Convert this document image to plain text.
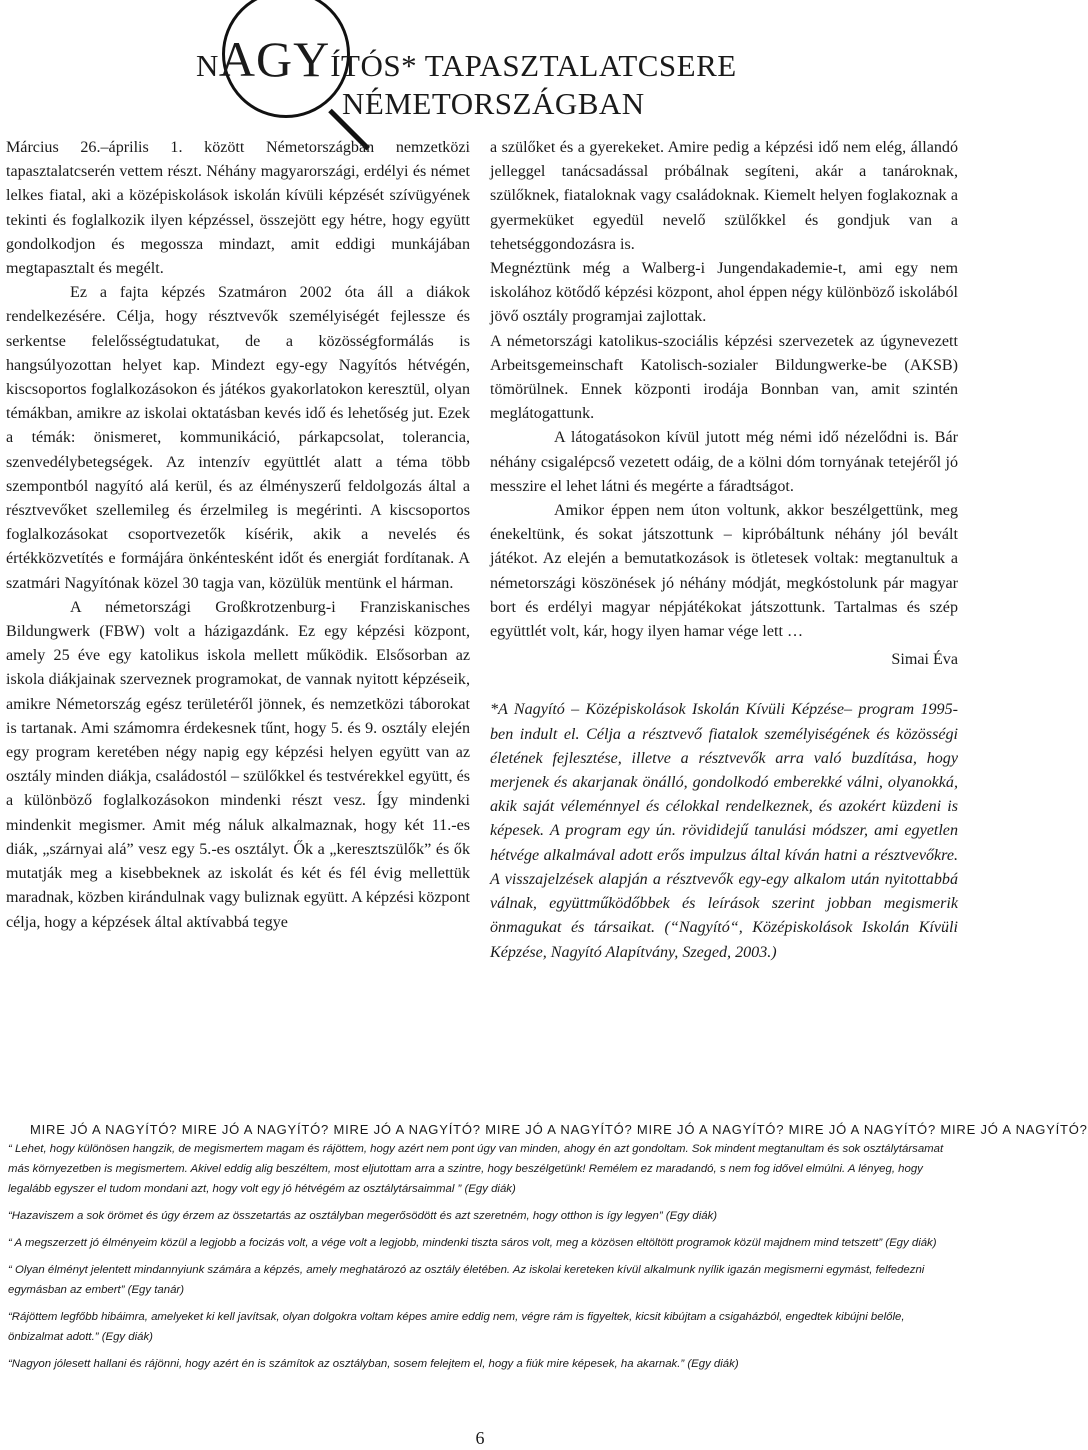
NAGYÍTÓS* TAPASZTALATCSERE
NÉMETORSZÁGBAN

Március 26.–április 1. között Németországban nemzetközi tapasztalatcserén vettem részt. Néhány magyarországi, erdélyi és német lelkes fiatal, aki a középiskolások iskolán kívüli képzését szívügyének tekinti és foglalkozik ilyen képzéssel, összejött egy hétre, hogy együtt gondolkodjon és megossza mindazt, amit eddigi munkájában megtapasztalt és megélt.

Ez a fajta képzés Szatmáron 2002 óta áll a diákok rendelkezésére. Célja, hogy résztvevők személyiségét fejlessze és serkentse felelősségtudatukat, de a közösségformálás is hangsúlyozottan helyet kap. Mindezt egy-egy Nagyítós hétvégén, kiscsoportos foglalkozásokon és játékos gyakorlatokon keresztül, olyan témákban, amikre az iskolai oktatásban kevés idő és lehetőség jut. Ezek a témák: önismeret, kommunikáció, párkapcsolat, tolerancia, szenvedélybetegségek. Az intenzív együttlét alatt a téma több szempontból nagyító alá kerül, és az élményszerű feldolgozás által a résztvevőket szellemileg és érzelmileg is megérinti. A kiscsoportos foglalkozásokat csoportvezetők kísérik, akik a nevelés és értékközvetítés e formájára önkéntesként időt és energiát fordítanak. A szatmári Nagyítónak közel 30 tagja van, közülük mentünk el hárman.

A németországi Großkrotzenburg-i Franziskanisches Bildungwerk (FBW) volt a házigazdánk. Ez egy képzési központ, amely 25 éve egy katolikus iskola mellett működik. Elsősorban az iskola diákjainak szerveznek programokat, de vannak nyitott képzéseik, amikre Németország egész területéről jönnek, és nemzetközi táborokat is tartanak. Ami számomra érdekesnek tűnt, hogy 5. és 9. osztály elején egy program keretében négy napig egy képzési helyen együtt van az osztály minden diákja, családostól – szülőkkel és testvérekkel együtt, és a különböző foglalkozásokon mindenki részt vesz. Így mindenki mindenkit megismer. Amit még náluk alkalmaznak, hogy két 11.-es diák, „szárnyai alá” vesz egy 5.-es osztályt. Ők a „keresztszülők” és ők mutatják meg a kisebbeknek az iskolát és két és fél évig mellettük maradnak, közben kirándulnak vagy buliznak együtt. A képzési központ célja, hogy a képzések által aktívabbá tegye

a szülőket és a gyerekeket. Amire pedig a képzési idő nem elég, állandó jelleggel tanácsadással próbálnak segíteni, akár a tanároknak, szülőknek, fiataloknak vagy családoknak. Kiemelt helyen foglakoznak a gyermeküket egyedül nevelő szülőkkel és gondjuk van a tehetséggondozásra is.

Megnéztünk még a Walberg-i Jungendakademie-t, ami egy nem iskolához kötődő képzési központ, ahol éppen négy különböző iskolából jövő osztály programjai zajlottak.

A németországi katolikus-szociális képzési szervezetek az úgynevezett Arbeitsgemeinschaft Katolisch-sozialer Bildungwerke-be (AKSB) tömörülnek. Ennek központi irodája Bonnban van, amit szintén meglátogattunk.

A látogatásokon kívül jutott még némi idő nézelődni is. Bár néhány csigalépcső vezetett odáig, de a kölni dóm tornyának tetejéről jó messzire el lehet látni és megérte a fáradtságot.

Amikor éppen nem úton voltunk, akkor beszélgettünk, meg énekeltünk, és sokat játszottunk – kipróbáltunk néhány jól bevált játékot. Az elején a bemutatkozások is ötletesek voltak: megtanultuk a németországi köszönések jó néhány módját, megkóstolunk pár magyar bort és erdélyi magyar népjátékokat játszottunk. Tartalmas és szép együttlét volt, kár, hogy ilyen hamar vége lett …

Simai Éva

*A Nagyító – Középiskolások Iskolán Kívüli Képzése– program 1995-ben indult el. Célja a résztvevő fiatalok személyiségének és közösségi életének fejlesztése, illetve a résztvevők arra való buzdítása, hogy merjenek és akarjanak önálló, gondolkodó emberekké válni, olyanokká, akik saját véleménnyel és célokkal rendelkeznek, és azokért küzdeni is képesek. A program egy ún. rövididejű tanulási módszer, ami egyetlen hétvége alkalmával adott erős impulzus által kíván hatni a résztvevőkre. A visszajelzések alapján a résztvevők egy-egy alkalom után nyitottabbá válnak, együttműködőbbek és leírások szerint jobban megismerik önmagukat és társaikat. (“Nagyító“, Középiskolások Iskolán Kívüli Képzése, Nagyító Alapítvány, Szeged, 2003.)

MIRE JÓ A NAGYÍTÓ? MIRE JÓ A NAGYÍTÓ? MIRE JÓ A NAGYÍTÓ? MIRE JÓ A NAGYÍTÓ? MIRE JÓ A NAGYÍTÓ? MIRE JÓ A NAGYÍTÓ? MIRE JÓ A NAGYÍTÓ?

“ Lehet, hogy különösen hangzik, de megismertem magam és rájöttem, hogy azért nem pont úgy van minden, ahogy én azt gondoltam. Sok mindent megtanultam és sok osztálytársamat más környezetben is megismertem. Akivel eddig alig beszéltem, most eljutottam arra a szintre, hogy beszélgetünk! Remélem ez maradandó, s nem fog idővel elmúlni. A lényeg, hogy legalább egyszer el tudom mondani azt, hogy volt egy jó hétvégém az osztálytársaimmal ” (Egy diák)

“Hazaviszem a sok örömet és úgy érzem az összetartás az osztályban megerősödött és azt szeretném, hogy otthon is így legyen” (Egy diák)

“ A megszerzett jó élményeim közül a legjobb a focizás volt, a vége volt a legjobb, mindenki tiszta sáros volt, meg a közösen eltöltött programok közül majdnem mind tetszett” (Egy diák)

“ Olyan élményt jelentett mindannyiunk számára a képzés, amely meghatározó az osztály életében. Az iskolai kereteken kívül alkalmunk nyílik igazán megismerni egymást, felfedezni egymásban az embert” (Egy tanár)

“Rájöttem legfőbb hibáimra, amelyeket ki kell javítsak, olyan dolgokra voltam képes amire eddig nem, végre rám is figyeltek, kicsit kibújtam a csigaházból, engedtek kibújni belőle, önbizalmat adott.” (Egy diák)

“Nagyon jólesett hallani és rájönni, hogy azért én is számítok az osztályban, sosem felejtem el, hogy a fiúk mire képesek, ha akarnak.” (Egy diák)

6
